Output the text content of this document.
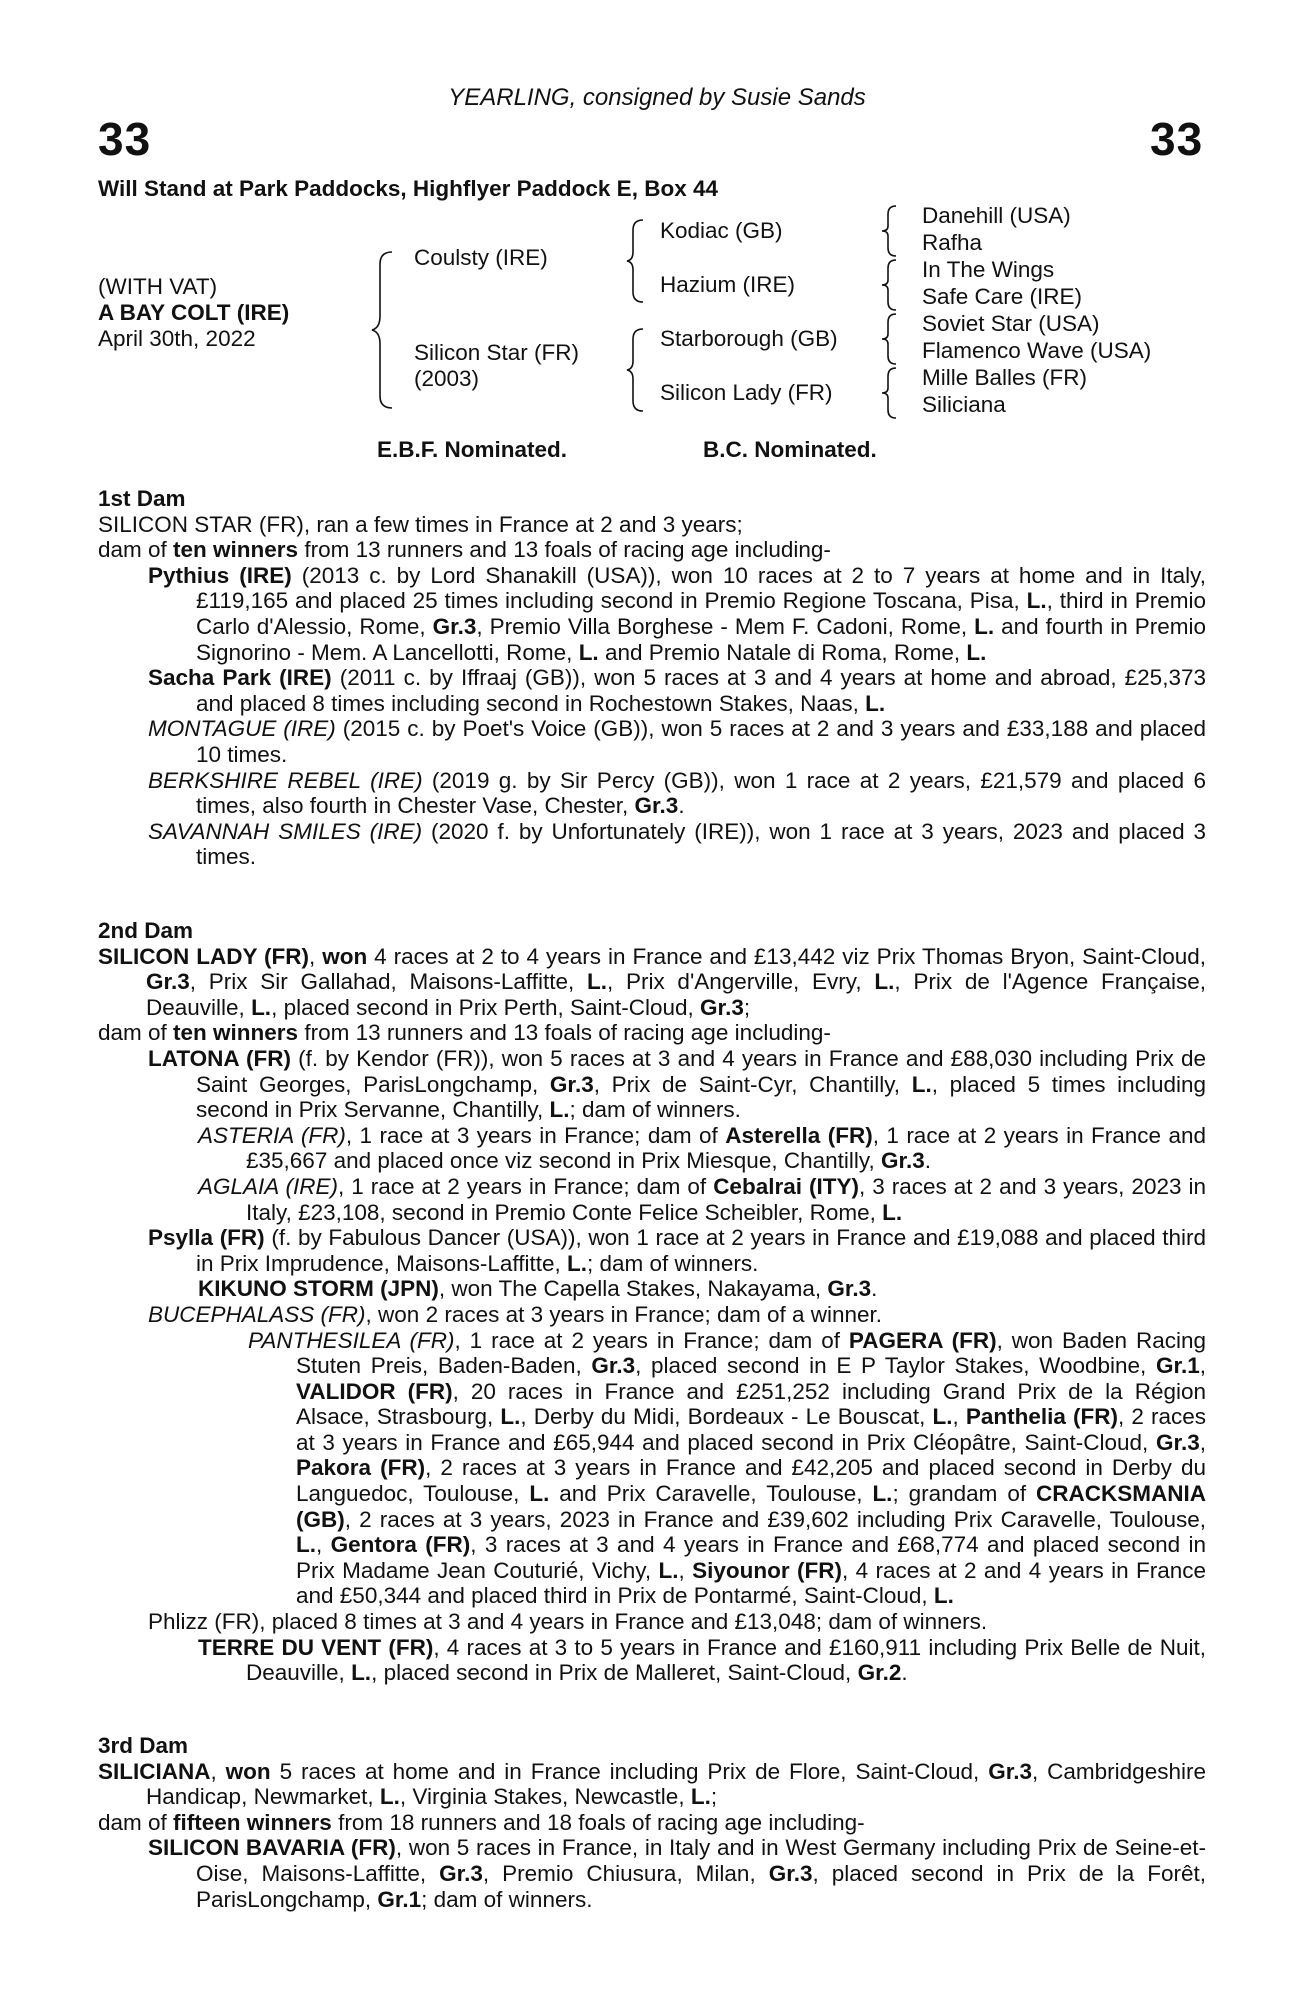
YEARLING, consigned by Susie Sands
33	33
Will Stand at Park Paddocks, Highflyer Paddock E, Box 44
(WITH VAT)
A BAY COLT (IRE)
April 30th, 2022
Coulsty (IRE)
Silicon Star (FR)
(2003)
Kodiac (GB)
Hazium (IRE)
Starborough (GB)
Silicon Lady (FR)
Danehill (USA)
Rafha
In The Wings
Safe Care (IRE)
Soviet Star (USA)
Flamenco Wave (USA)
Mille Balles (FR)
Siliciana
E.B.F. Nominated.	B.C. Nominated.

1st Dam

SILICON STAR (FR), ran a few times in France at 2 and 3 years;

dam of ten winners from 13 runners and 13 foals of racing age including-

Pythius (IRE) (2013 c. by Lord Shanakill (USA)), won 10 races at 2 to 7 years at home and in Italy, £119,165 and placed 25 times including second in Premio Regione Toscana, Pisa, L., third in Premio Carlo d'Alessio, Rome, Gr.3, Premio Villa Borghese - Mem F. Cadoni, Rome, L. and fourth in Premio Signorino - Mem. A Lancellotti, Rome, L. and Premio Natale di Roma, Rome, L.

Sacha Park (IRE) (2011 c. by Iffraaj (GB)), won 5 races at 3 and 4 years at home and abroad, £25,373 and placed 8 times including second in Rochestown Stakes, Naas, L.

MONTAGUE (IRE) (2015 c. by Poet's Voice (GB)), won 5 races at 2 and 3 years and £33,188 and placed 10 times.

BERKSHIRE REBEL (IRE) (2019 g. by Sir Percy (GB)), won 1 race at 2 years, £21,579 and placed 6 times, also fourth in Chester Vase, Chester, Gr.3.

SAVANNAH SMILES (IRE) (2020 f. by Unfortunately (IRE)), won 1 race at 3 years, 2023 and placed 3 times.

2nd Dam

SILICON LADY (FR), won 4 races at 2 to 4 years in France and £13,442 viz Prix Thomas Bryon, Saint-Cloud, Gr.3, Prix Sir Gallahad, Maisons-Laffitte, L., Prix d'Angerville, Evry, L., Prix de l'Agence Française, Deauville, L., placed second in Prix Perth, Saint-Cloud, Gr.3;

dam of ten winners from 13 runners and 13 foals of racing age including-

LATONA (FR) (f. by Kendor (FR)), won 5 races at 3 and 4 years in France and £88,030 including Prix de Saint Georges, ParisLongchamp, Gr.3, Prix de Saint-Cyr, Chantilly, L., placed 5 times including second in Prix Servanne, Chantilly, L.; dam of winners.

ASTERIA (FR), 1 race at 3 years in France; dam of Asterella (FR), 1 race at 2 years in France and £35,667 and placed once viz second in Prix Miesque, Chantilly, Gr.3.

AGLAIA (IRE), 1 race at 2 years in France; dam of Cebalrai (ITY), 3 races at 2 and 3 years, 2023 in Italy, £23,108, second in Premio Conte Felice Scheibler, Rome, L.

Psylla (FR) (f. by Fabulous Dancer (USA)), won 1 race at 2 years in France and £19,088 and placed third in Prix Imprudence, Maisons-Laffitte, L.; dam of winners.

KIKUNO STORM (JPN), won The Capella Stakes, Nakayama, Gr.3.

BUCEPHALASS (FR), won 2 races at 3 years in France; dam of a winner.

PANTHESILEA (FR), 1 race at 2 years in France; dam of PAGERA (FR), won Baden Racing Stuten Preis, Baden-Baden, Gr.3, placed second in E P Taylor Stakes, Woodbine, Gr.1, VALIDOR (FR), 20 races in France and £251,252 including Grand Prix de la Région Alsace, Strasbourg, L., Derby du Midi, Bordeaux - Le Bouscat, L., Panthelia (FR), 2 races at 3 years in France and £65,944 and placed second in Prix Cléopâtre, Saint-Cloud, Gr.3, Pakora (FR), 2 races at 3 years in France and £42,205 and placed second in Derby du Languedoc, Toulouse, L. and Prix Caravelle, Toulouse, L.; grandam of CRACKSMANIA (GB), 2 races at 3 years, 2023 in France and £39,602 including Prix Caravelle, Toulouse, L., Gentora (FR), 3 races at 3 and 4 years in France and £68,774 and placed second in Prix Madame Jean Couturié, Vichy, L., Siyounor (FR), 4 races at 2 and 4 years in France and £50,344 and placed third in Prix de Pontarmé, Saint-Cloud, L.

Phlizz (FR), placed 8 times at 3 and 4 years in France and £13,048; dam of winners.

TERRE DU VENT (FR), 4 races at 3 to 5 years in France and £160,911 including Prix Belle de Nuit, Deauville, L., placed second in Prix de Malleret, Saint-Cloud, Gr.2.

3rd Dam

SILICIANA, won 5 races at home and in France including Prix de Flore, Saint-Cloud, Gr.3, Cambridgeshire Handicap, Newmarket, L., Virginia Stakes, Newcastle, L.;

dam of fifteen winners from 18 runners and 18 foals of racing age including-

SILICON BAVARIA (FR), won 5 races in France, in Italy and in West Germany including Prix de Seine-et-Oise, Maisons-Laffitte, Gr.3, Premio Chiusura, Milan, Gr.3, placed second in Prix de la Forêt, ParisLongchamp, Gr.1; dam of winners.
